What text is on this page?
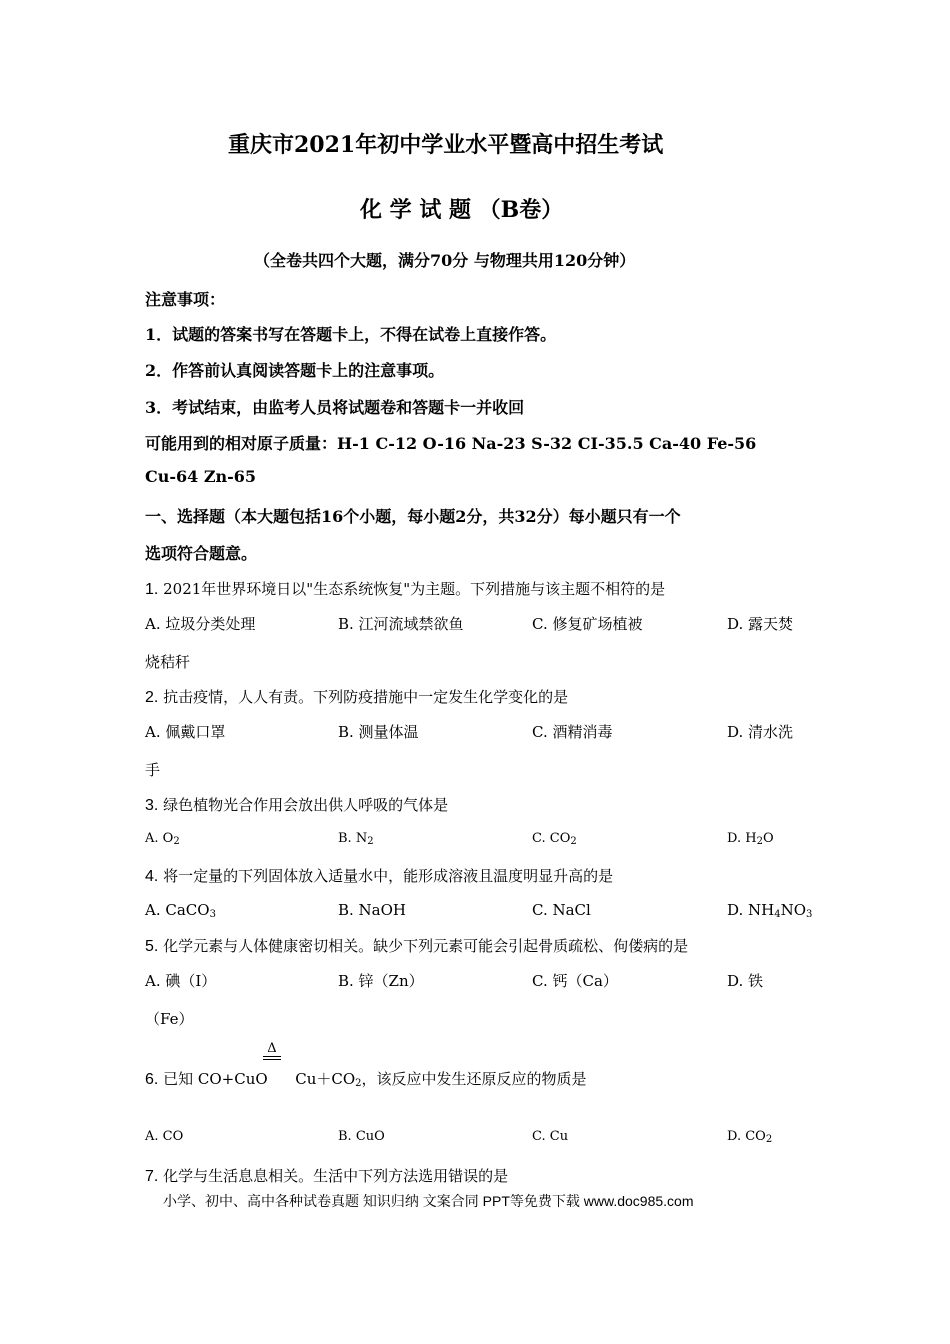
重庆市2021年初中学业水平暨高中招生考试
化 学 试 题 （B卷）
（全卷共四个大题，满分70分 与物理共用120分钟）
注意事项：
1．试题的答案书写在答题卡上，不得在试卷上直接作答。
2．作答前认真阅读答题卡上的注意事项。
3．考试结束，由监考人员将试题卷和答题卡一并收回
可能用到的相对原子质量：H-1 C-12 O-16 Na-23 S-32 CI-35.5 Ca-40 Fe-56
Cu-64 Zn-65
一、选择题（本大题包括16个小题，每小题2分，共32分）每小题只有一个
选项符合题意。
1. 2021年世界环境日以"生态系统恢复"为主题。下列措施与该主题不相符的是
A. 垃圾分类处理	B. 江河流域禁欲鱼	C. 修复矿场植被	D. 露天焚
烧秸秆
2. 抗击疫情，人人有责。下列防疫措施中一定发生化学变化的是
A. 佩戴口罩	B. 测量体温	C. 酒精消毒	D. 清水洗
手
3. 绿色植物光合作用会放出供人呼吸的气体是
A. $O_2$	B. $N_2$	C. $CO_2$	D. $H_2O$
4. 将一定量的下列固体放入适量水中，能形成溶液且温度明显升高的是
A. CaCO$_3$	B. NaOH	C. NaCl	D. $NH_4NO_3$
5. 化学元素与人体健康密切相关。缺少下列元素可能会引起骨质疏松、佝偻病的是
A. 碘（I）	B. 锌（Zn）	C. 钙（Ca）	D. 铁
（Fe）
Δ
6. 已知 CO+CuO $Cu+CO_2$，该反应中发生还原反应的物质是
A. CO	B. CuO	C. Cu	D. $CO_2$
7. 化学与生活息息相关。生活中下列方法选用错误的是
小学、初中、高中各种试卷真题 知识归纳 文案合同 PPT等免费下载 www.doc985.com
